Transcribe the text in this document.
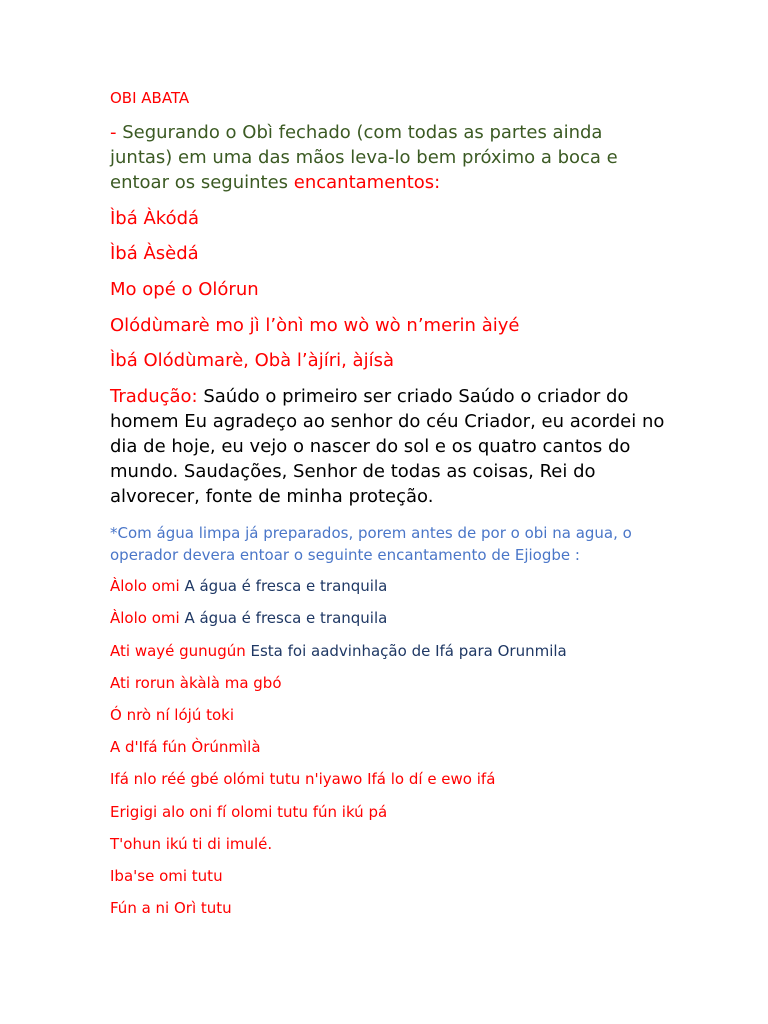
OBI ABATA

- Segurando o Obì fechado (com todas as partes ainda juntas) em uma das mãos leva-lo bem próximo a boca e entoar os seguintes encantamentos:

Ìbá Àkódá

Ìbá Àsèdá

Mo opé o Olórun

Olódùmarè mo jì l’ònì mo wò wò n’merin àiyé

Ìbá Olódùmarè, Obà l’àjíri, àjísà

Tradução: Saúdo o primeiro ser criado Saúdo o criador do homem Eu agradeço ao senhor do céu Criador, eu acordei no dia de hoje, eu vejo o nascer do sol e os quatro cantos do mundo. Saudações, Senhor de todas as coisas, Rei do alvorecer, fonte de minha proteção.

*Com água limpa já preparados, porem antes de por o obi na agua, o operador devera entoar o seguinte encantamento de Ejiogbe :

Àlolo omi A água é fresca e tranquila

Àlolo omi A água é fresca e tranquila

Ati wayé gunugún Esta foi aadvinhação de Ifá para Orunmila

Ati rorun àkàlà ma gbó

Ó nrò ní lójú toki

A d'Ifá fún Òrúnmìlà

Ifá nlo réé gbé olómi tutu n'iyawo Ifá lo dí e ewo ifá

Erigigi alo oni fí olomi tutu fún ikú pá

T'ohun ikú ti di imulé.

Iba'se omi tutu

Fún a ni Orì tutu
